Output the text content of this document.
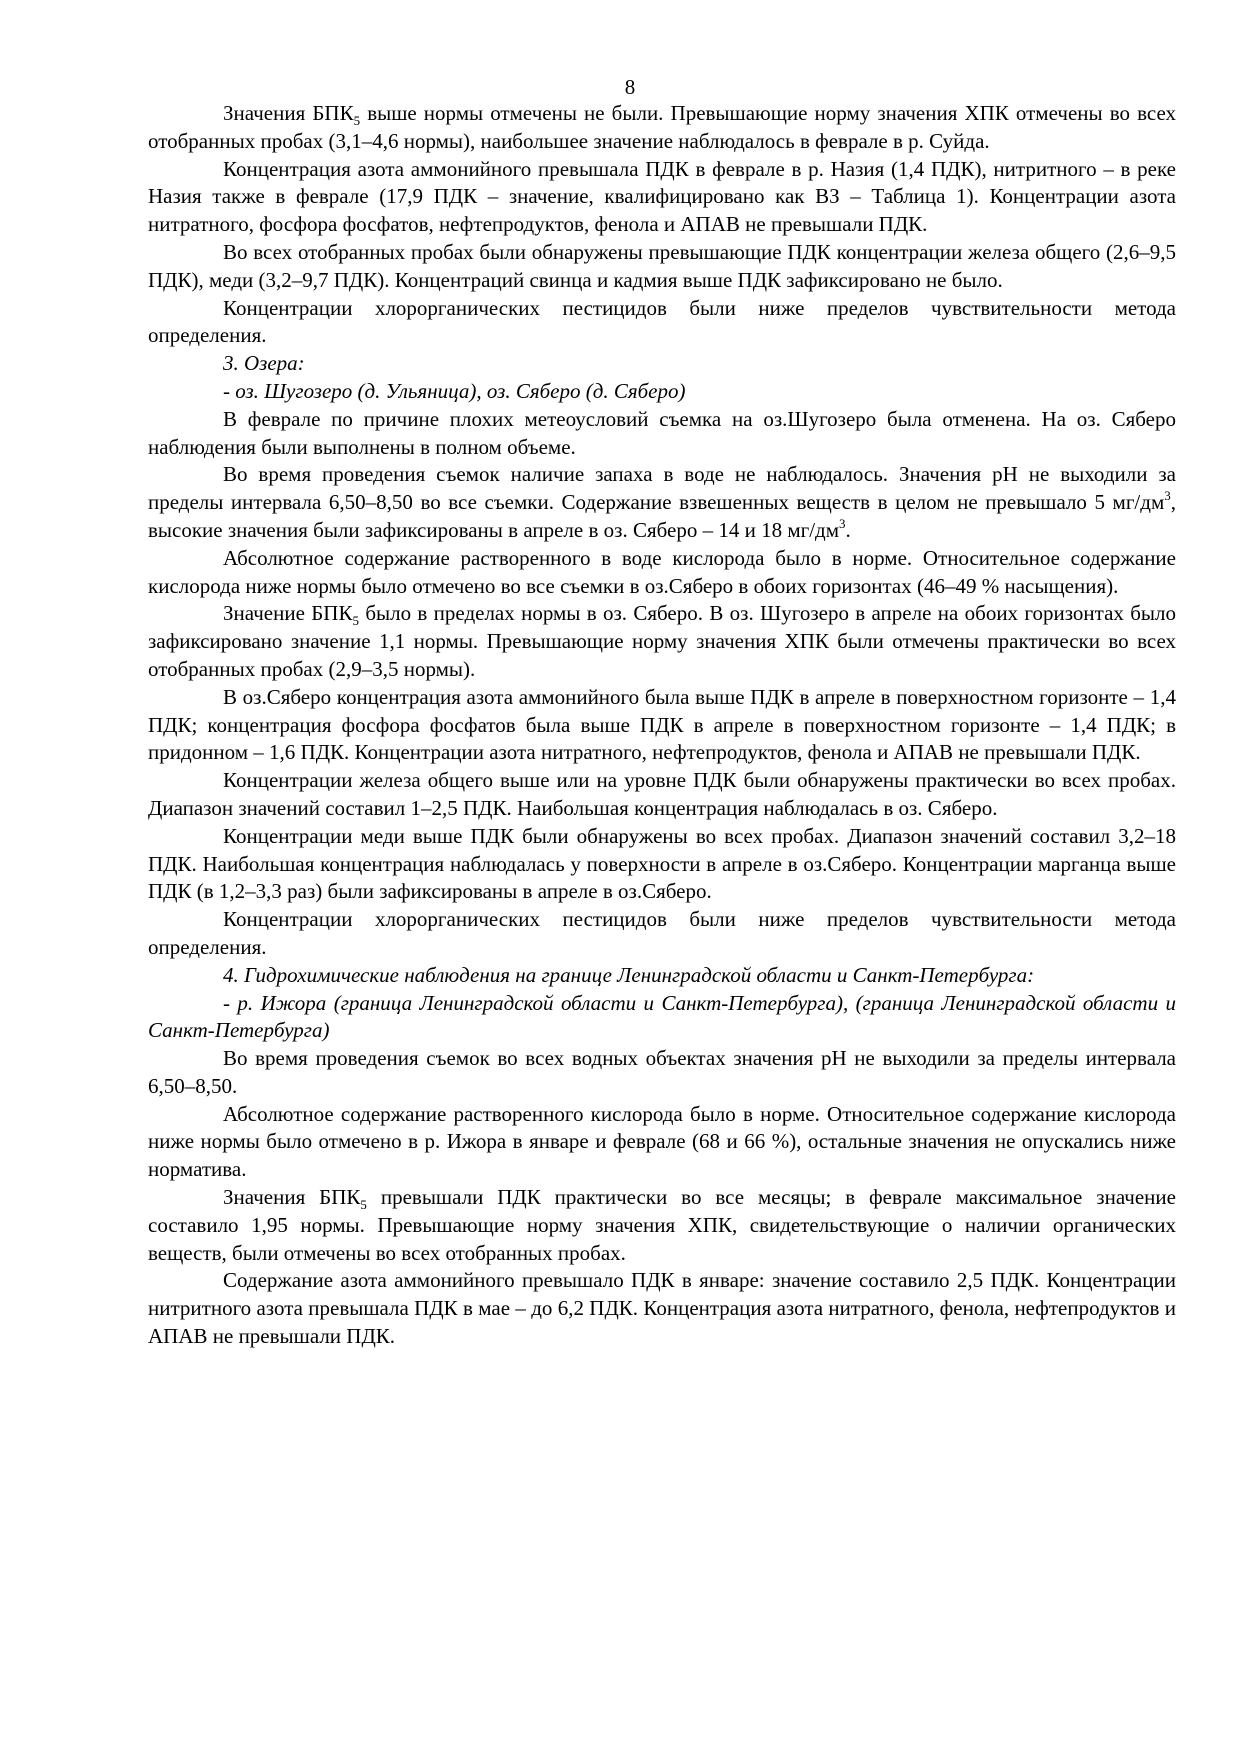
8

Значения $БПК_5$ выше нормы отмечены не были. Превышающие норму значения ХПК отмечены во всех отобранных пробах (3,1–4,6 нормы), наибольшее значение наблюдалось в феврале в р. Суйда.

Концентрация азота аммонийного превышала ПДК в феврале в р. Назия (1,4 ПДК), нитритного – в реке Назия также в феврале (17,9 ПДК – значение, квалифицировано как ВЗ – Таблица 1). Концентрации азота нитратного, фосфора фосфатов, нефтепродуктов, фенола и АПАВ не превышали ПДК.

Во всех отобранных пробах были обнаружены превышающие ПДК концентрации железа общего (2,6–9,5 ПДК), меди (3,2–9,7 ПДК). Концентраций свинца и кадмия выше ПДК зафиксировано не было.

Концентрации хлорорганических пестицидов были ниже пределов чувствительности метода определения.

3. Озера:

- оз. Шугозеро (д. Ульяница), оз. Сяберо (д. Сяберо)

В феврале по причине плохих метеоусловий съемка на оз.Шугозеро была отменена. На оз. Сяберо наблюдения были выполнены в полном объеме.

Во время проведения съемок наличие запаха в воде не наблюдалось. Значения pH не выходили за пределы интервала 6,50–8,50 во все съемки. Содержание взвешенных веществ в целом не превышало 5 $мг/дм^3$, высокие значения были зафиксированы в апреле в оз. Сяберо – 14 и 18 $мг/дм^3$.

Абсолютное содержание растворенного в воде кислорода было в норме. Относительное содержание кислорода ниже нормы было отмечено во все съемки в оз.Сяберо в обоих горизонтах (46–49 % насыщения).

Значение $БПК_5$ было в пределах нормы в оз. Сяберо. В оз. Шугозеро в апреле на обоих горизонтах было зафиксировано значение 1,1 нормы. Превышающие норму значения ХПК были отмечены практически во всех отобранных пробах (2,9–3,5 нормы).

В оз.Сяберо концентрация азота аммонийного была выше ПДК в апреле в поверхностном горизонте – 1,4 ПДК; концентрация фосфора фосфатов была выше ПДК в апреле в поверхностном горизонте – 1,4 ПДК; в придонном – 1,6 ПДК. Концентрации азота нитратного, нефтепродуктов, фенола и АПАВ не превышали ПДК.

Концентрации железа общего выше или на уровне ПДК были обнаружены практически во всех пробах. Диапазон значений составил 1–2,5 ПДК. Наибольшая концентрация наблюдалась в оз. Сяберо.

Концентрации меди выше ПДК были обнаружены во всех пробах. Диапазон значений составил 3,2–18 ПДК. Наибольшая концентрация наблюдалась у поверхности в апреле в оз.Сяберо. Концентрации марганца выше ПДК (в 1,2–3,3 раз) были зафиксированы в апреле в оз.Сяберо.

Концентрации хлорорганических пестицидов были ниже пределов чувствительности метода определения.

4. Гидрохимические наблюдения на границе Ленинградской области и Санкт-Петербурга:

- р. Ижора (граница Ленинградской области и Санкт-Петербурга), (граница Ленинградской области и Санкт-Петербурга)

Во время проведения съемок во всех водных объектах значения pH не выходили за пределы интервала 6,50–8,50.

Абсолютное содержание растворенного кислорода было в норме. Относительное содержание кислорода ниже нормы было отмечено в р. Ижора в январе и феврале (68 и 66 %), остальные значения не опускались ниже норматива.

Значения $БПК_5$ превышали ПДК практически во все месяцы; в феврале максимальное значение составило 1,95 нормы. Превышающие норму значения ХПК, свидетельствующие о наличии органических веществ, были отмечены во всех отобранных пробах.

Содержание азота аммонийного превышало ПДК в январе: значение составило 2,5 ПДК. Концентрации нитритного азота превышала ПДК в мае – до 6,2 ПДК. Концентрация азота нитратного, фенола, нефтепродуктов и АПАВ не превышали ПДК.
